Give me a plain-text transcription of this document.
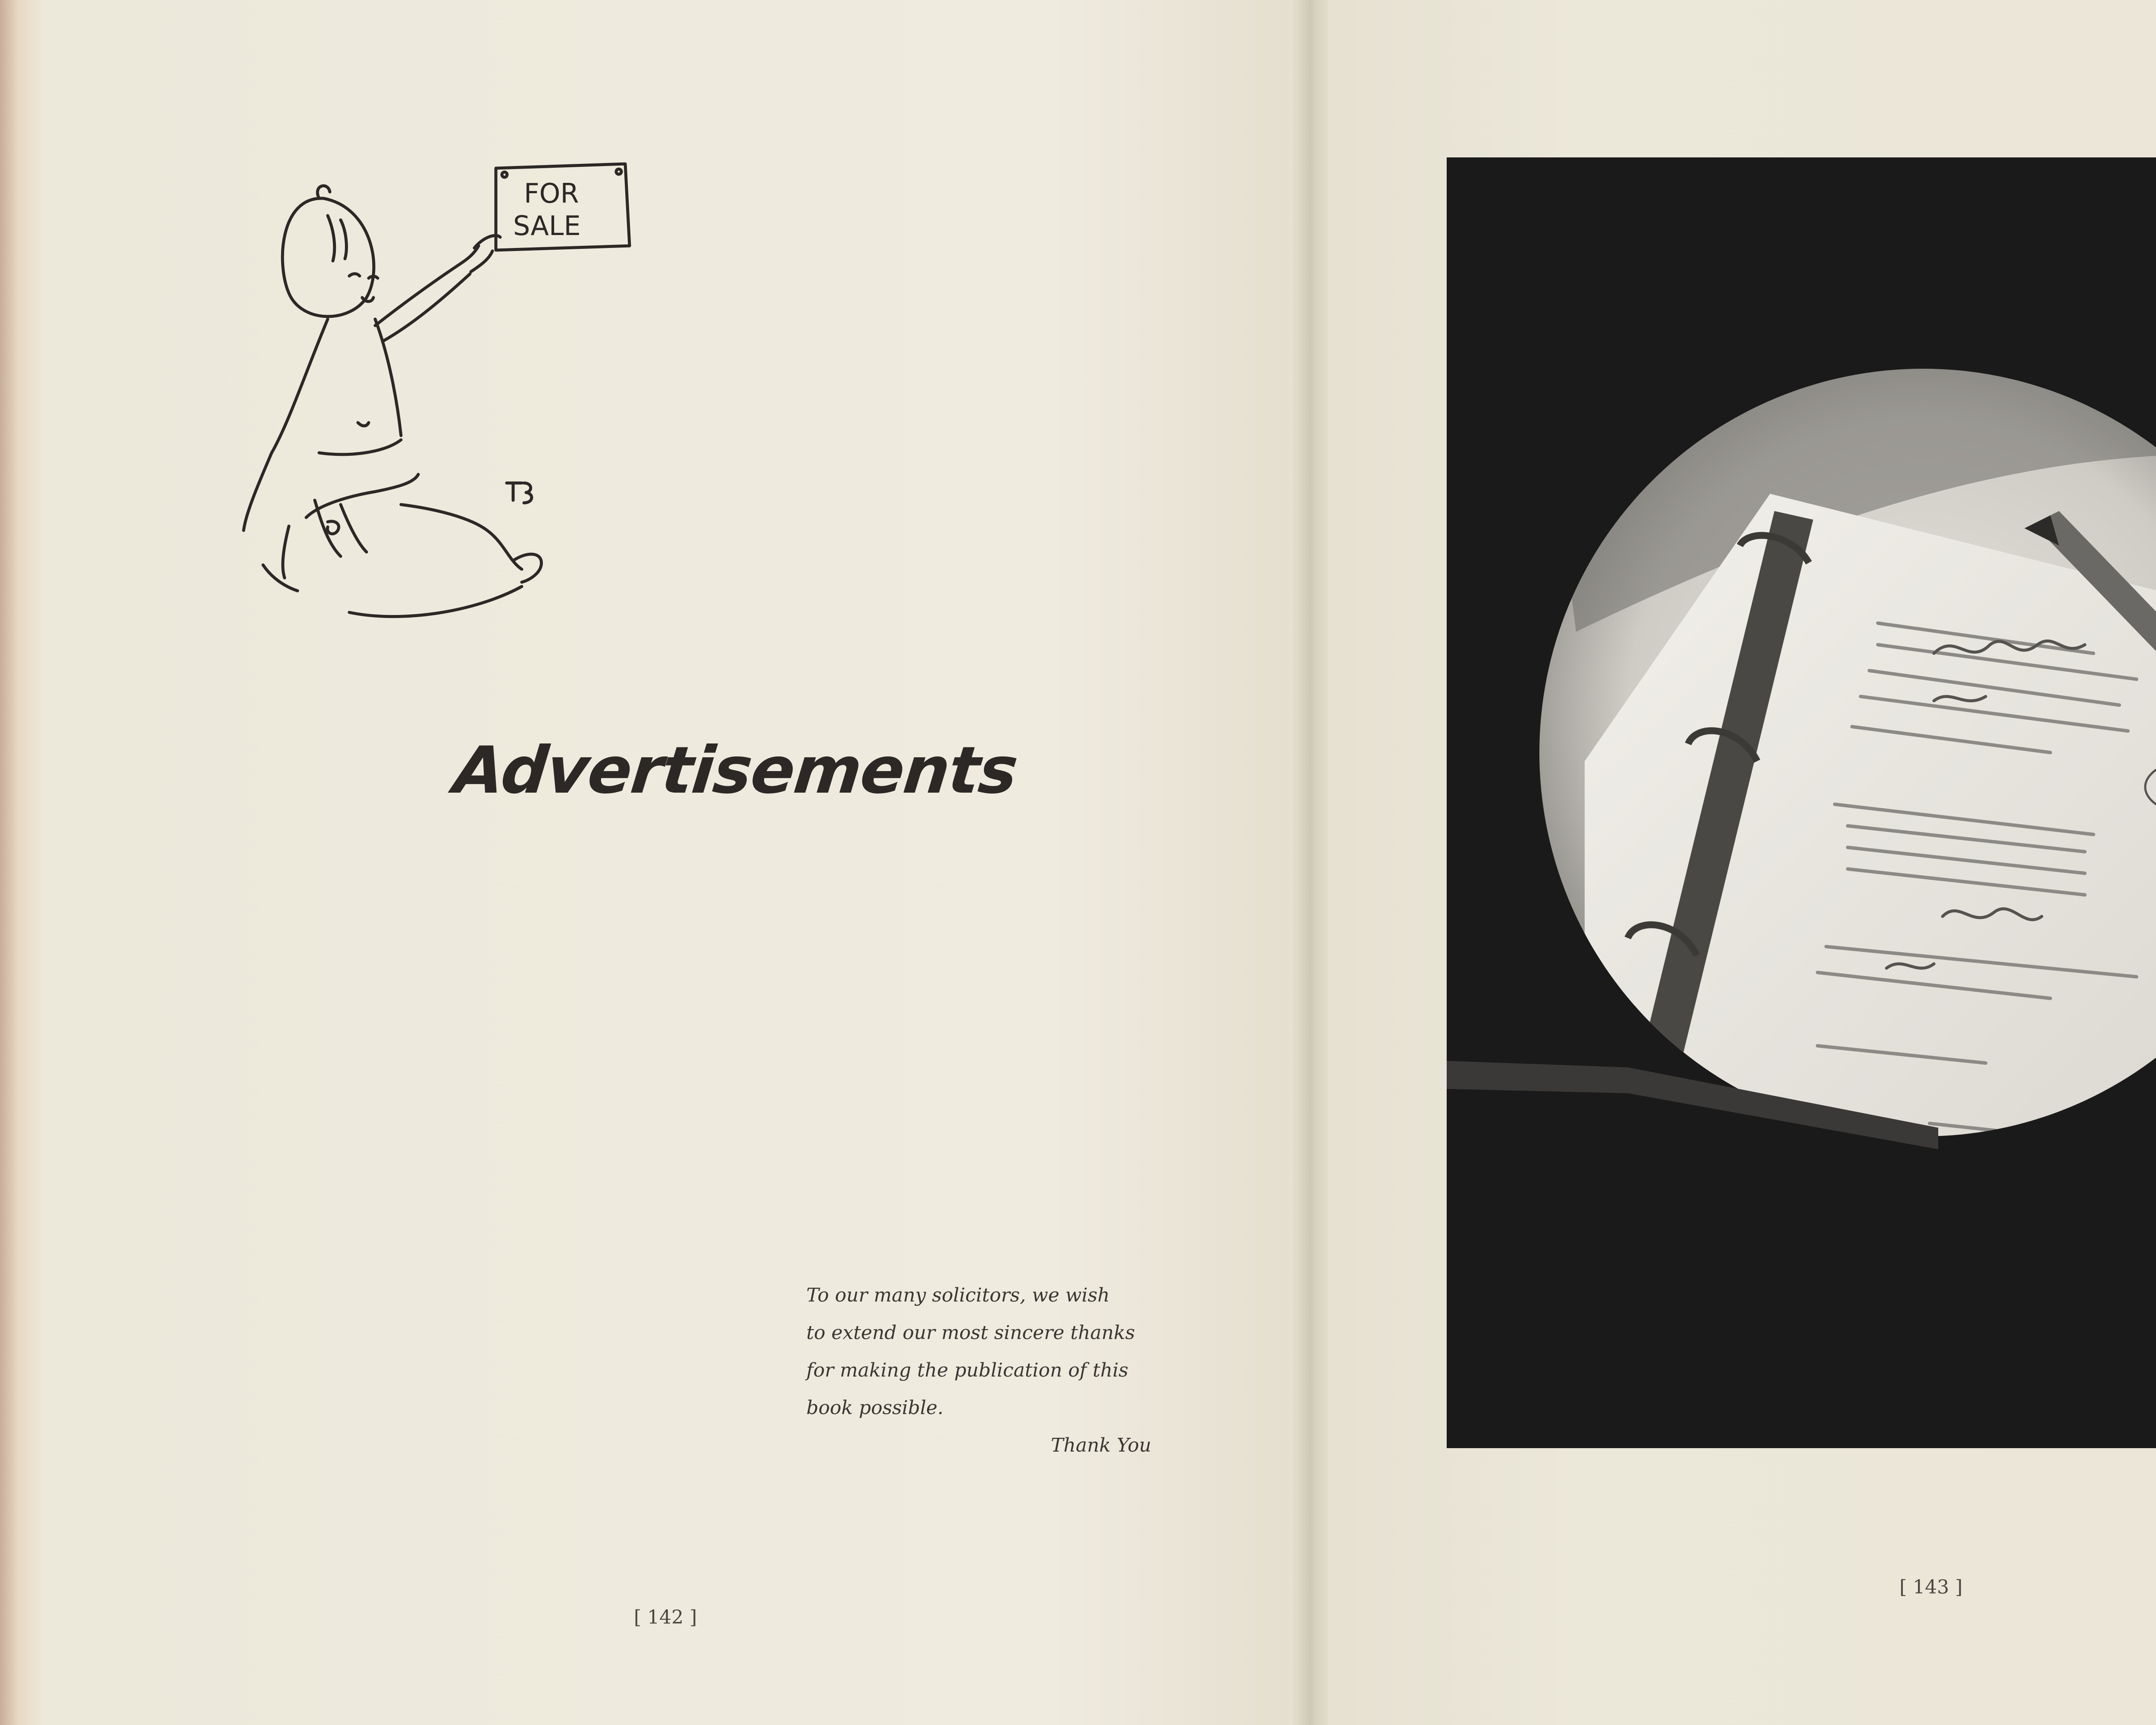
FOR
SALE
Advertisements
To our many solicitors, we wish
to extend our most sincere thanks
for making the publication of this
book possible.
Thank You
[ 142 ]
[ 143 ]
